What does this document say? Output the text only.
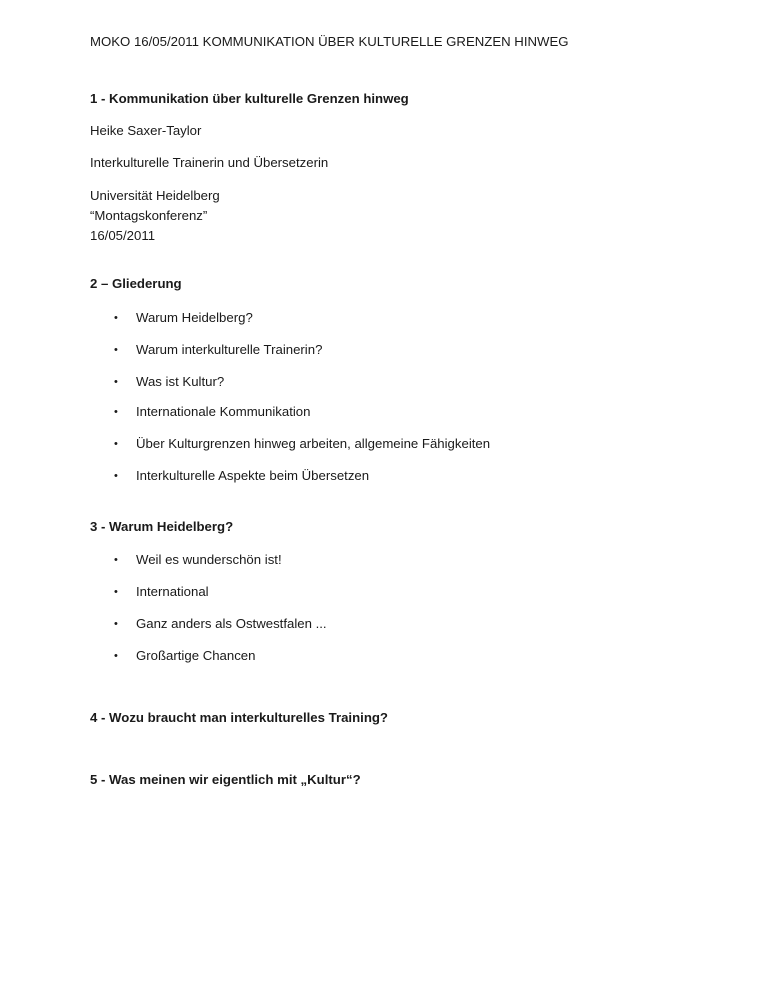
MOKO 16/05/2011 KOMMUNIKATION ÜBER KULTURELLE GRENZEN HINWEG
1 - Kommunikation über kulturelle Grenzen hinweg
Heike Saxer-Taylor
Interkulturelle Trainerin und Übersetzerin
Universität Heidelberg
“Montagskonferenz”
16/05/2011
2 – Gliederung
• Warum Heidelberg?
• Warum interkulturelle Trainerin?
• Was ist Kultur?
• Internationale Kommunikation
• Über Kulturgrenzen hinweg arbeiten, allgemeine Fähigkeiten
• Interkulturelle Aspekte beim Übersetzen
3 - Warum Heidelberg?
• Weil es wunderschön ist!
• International
• Ganz anders als Ostwestfalen ...
• Großartige Chancen
4 - Wozu braucht man interkulturelles Training?
5 - Was meinen wir eigentlich mit „Kultur“?
